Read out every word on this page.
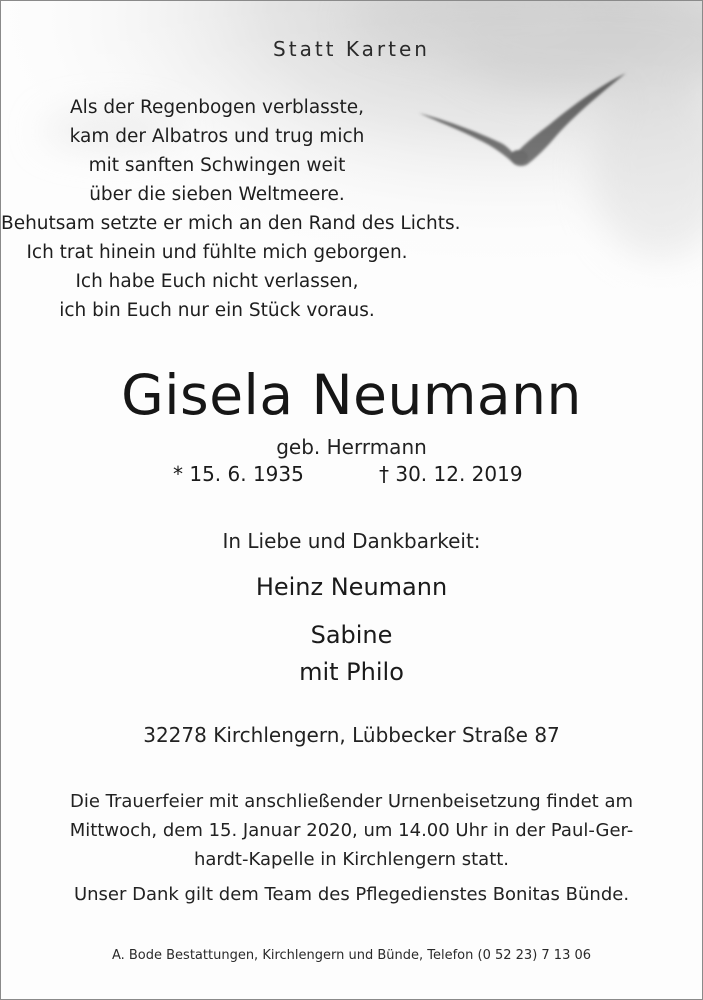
Statt Karten
Als der Regenbogen verblasste,
kam der Albatros und trug mich
mit sanften Schwingen weit
über die sieben Weltmeere.
Behutsam setzte er mich an den Rand des Lichts.
Ich trat hinein und fühlte mich geborgen.
Ich habe Euch nicht verlassen,
ich bin Euch nur ein Stück voraus.
Gisela Neumann
geb. Herrmann
* 15. 6. 1935	† 30. 12. 2019
In Liebe und Dankbarkeit:
Heinz Neumann
Sabine
mit Philo
32278 Kirchlengern, Lübbecker Straße 87
Die Trauerfeier mit anschließender Urnenbeisetzung findet am
Mittwoch, dem 15. Januar 2020, um 14.00 Uhr in der Paul-Ger-
hardt-Kapelle in Kirchlengern statt.
Unser Dank gilt dem Team des Pflegedienstes Bonitas Bünde.
A. Bode Bestattungen, Kirchlengern und Bünde, Telefon (0 52 23) 7 13 06
